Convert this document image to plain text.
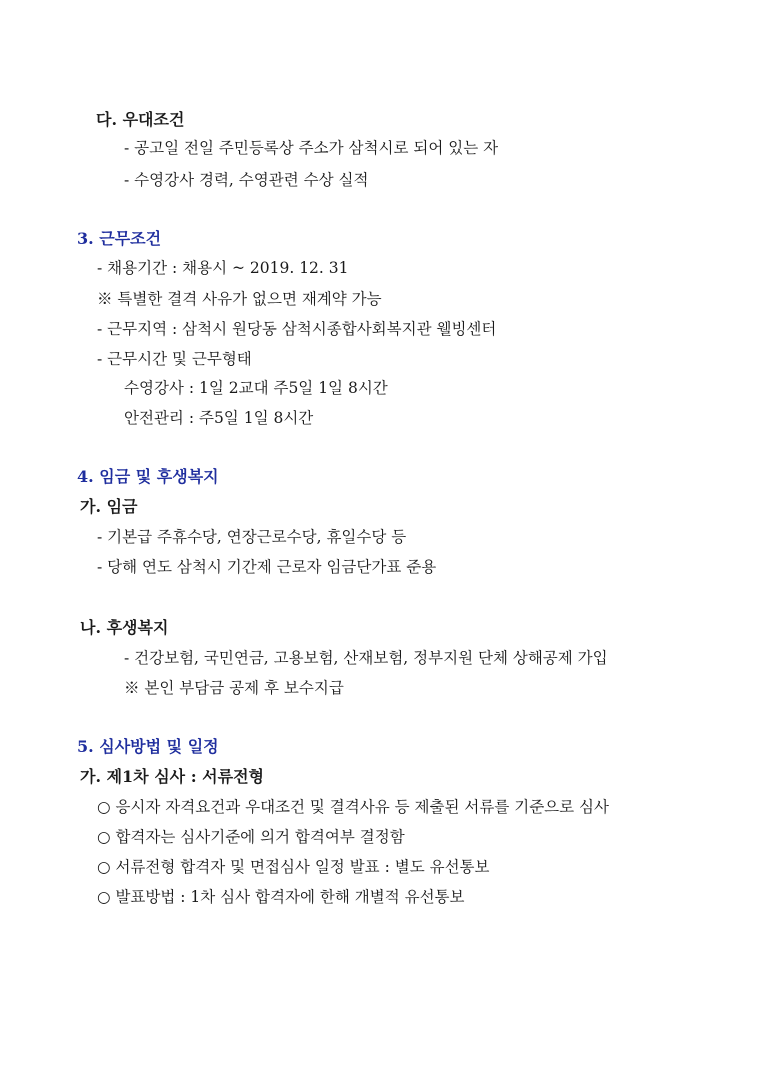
다. 우대조건
- 공고일 전일 주민등록상 주소가 삼척시로 되어 있는 자
- 수영강사 경력, 수영관련 수상 실적
3. 근무조건
- 채용기간 : 채용시 ~ 2019. 12. 31
※ 특별한 결격 사유가 없으면 재계약 가능
- 근무지역 : 삼척시 원당동 삼척시종합사회복지관 웰빙센터
- 근무시간 및 근무형태
수영강사 : 1일 2교대 주5일 1일 8시간
안전관리 : 주5일 1일 8시간
4. 임금 및 후생복지
가. 임금
- 기본급 주휴수당, 연장근로수당, 휴일수당 등
- 당해 연도 삼척시 기간제 근로자 임금단가표 준용
나. 후생복지
- 건강보험, 국민연금, 고용보험, 산재보험, 정부지원 단체 상해공제 가입
※ 본인 부담금 공제 후 보수지급
5. 심사방법 및 일정
가. 제1차 심사 : 서류전형
○ 응시자 자격요건과 우대조건 및 결격사유 등 제출된 서류를 기준으로 심사
○ 합격자는 심사기준에 의거 합격여부 결정함
○ 서류전형 합격자 및 면접심사 일정 발표 : 별도 유선통보
○ 발표방법 : 1차 심사 합격자에 한해 개별적 유선통보
